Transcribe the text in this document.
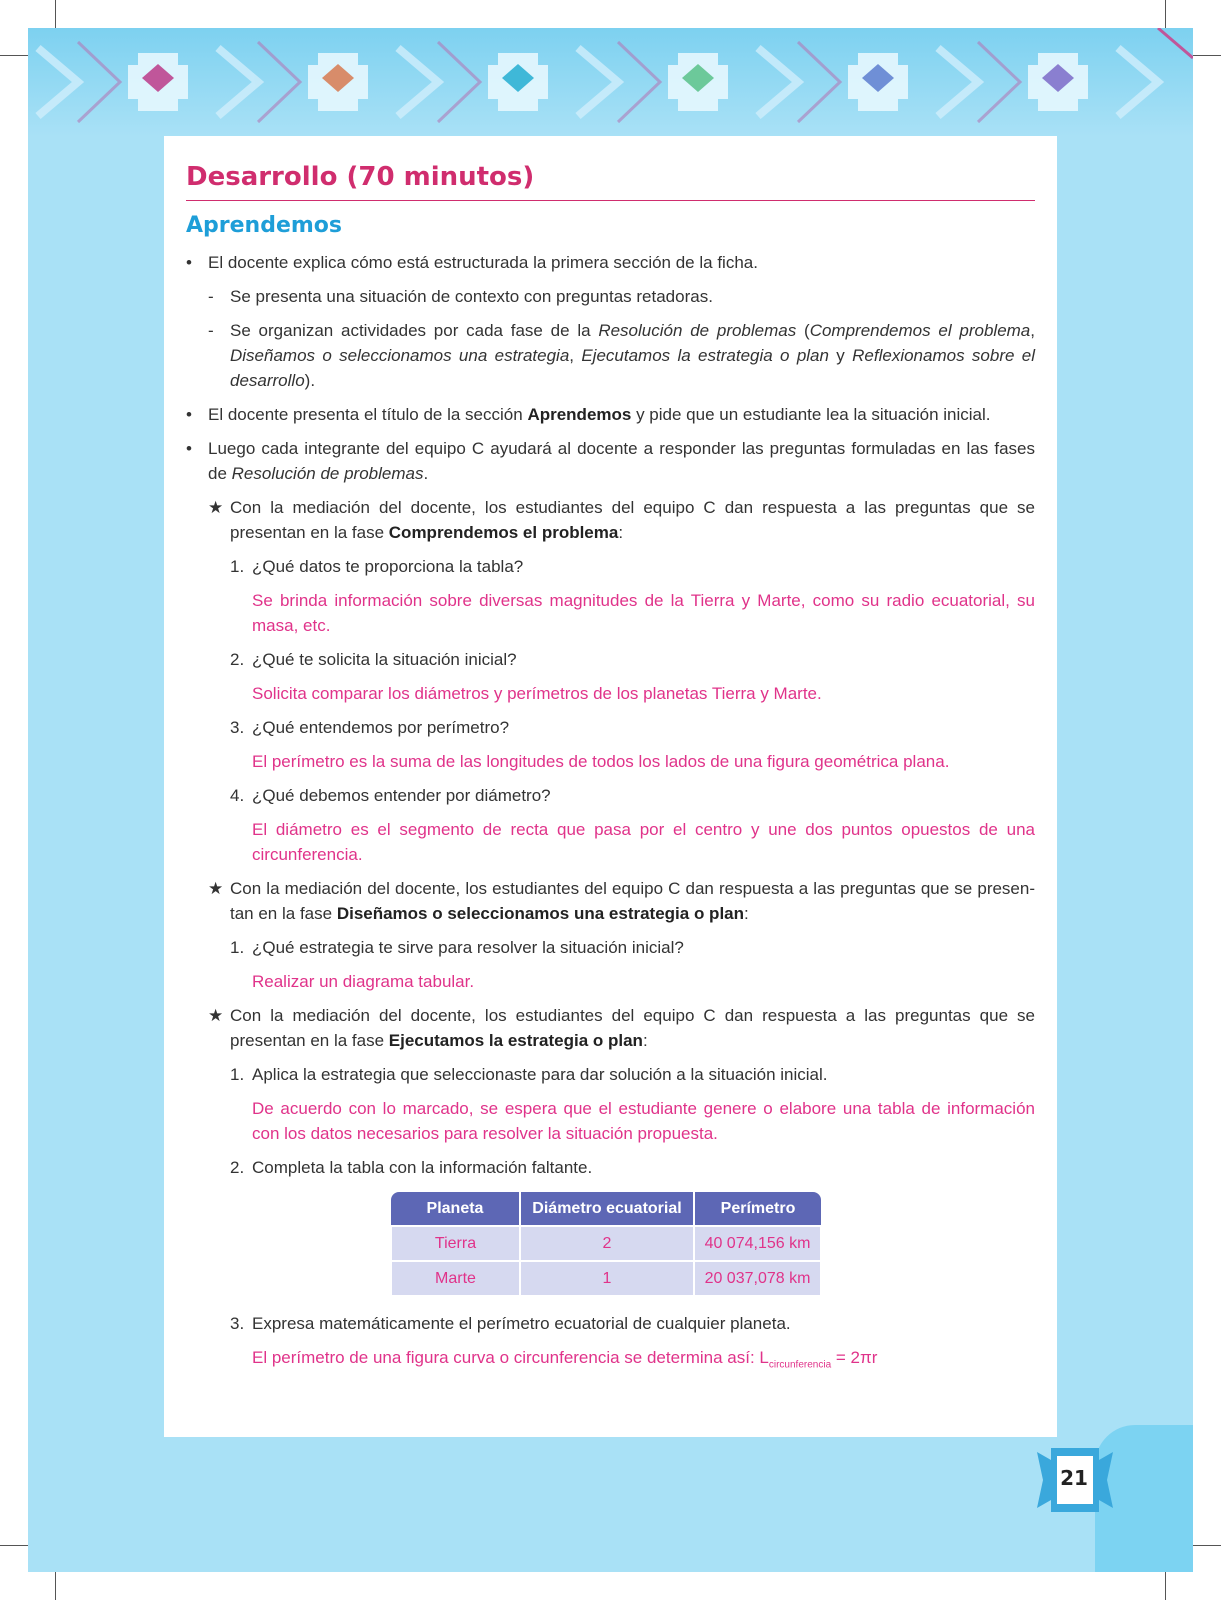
Desarrollo (70 minutos)
Aprendemos
• El docente explica cómo está estructurada la primera sección de la ficha.
- Se presenta una situación de contexto con preguntas retadoras.
- Se organizan actividades por cada fase de la Resolución de problemas (Comprendemos el problema, Diseñamos o seleccionamos una estrategia, Ejecutamos la estrategia o plan y Reflexionamos sobre el desarrollo).
• El docente presenta el título de la sección Aprendemos y pide que un estudiante lea la situación inicial.
• Luego cada integrante del equipo C ayudará al docente a responder las preguntas formuladas en las fases de Resolución de problemas.
★ Con la mediación del docente, los estudiantes del equipo C dan respuesta a las preguntas que se presentan en la fase Comprendemos el problema:
1. ¿Qué datos te proporciona la tabla?
Se brinda información sobre diversas magnitudes de la Tierra y Marte, como su radio ecuatorial, su masa, etc.
2. ¿Qué te solicita la situación inicial?
Solicita comparar los diámetros y perímetros de los planetas Tierra y Marte.
3. ¿Qué entendemos por perímetro?
El perímetro es la suma de las longitudes de todos los lados de una figura geométrica plana.
4. ¿Qué debemos entender por diámetro?
El diámetro es el segmento de recta que pasa por el centro y une dos puntos opuestos de una circunferencia.
★ Con la mediación del docente, los estudiantes del equipo C dan respuesta a las preguntas que se presen-tan en la fase Diseñamos o seleccionamos una estrategia o plan:
1. ¿Qué estrategia te sirve para resolver la situación inicial?
Realizar un diagrama tabular.
★ Con la mediación del docente, los estudiantes del equipo C dan respuesta a las preguntas que se presentan en la fase Ejecutamos la estrategia o plan:
1. Aplica la estrategia que seleccionaste para dar solución a la situación inicial.
De acuerdo con lo marcado, se espera que el estudiante genere o elabore una tabla de información con los datos necesarios para resolver la situación propuesta.
2. Completa la tabla con la información faltante.
Planeta	Diámetro ecuatorial	Perímetro
Tierra	2	40 074,156 km
Marte	1	20 037,078 km
3. Expresa matemáticamente el perímetro ecuatorial de cualquier planeta.
El perímetro de una figura curva o circunferencia se determina así: $L_{circunferencia} = 2\pi r$
21
